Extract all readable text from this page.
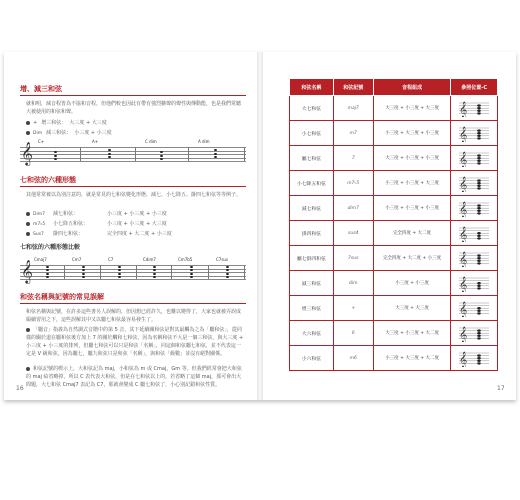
增、減三和弦
就和明，減音程皆為不協和音程，但他們較也因此有帶有強烈擴聲的聲性與傳動能，也是我們常聽大被使用的和弦和聲。
+ 增三和弦： 大三度 + 大三度
Dim 減三和弦： 小三度 + 小三度
𝄞 C+	A+	C dim	A dim
七和弦的六種形態
其他常常被以為別注意的，就是常見的七和弦變化形態，減七、小七降五、掛四七和弦等等例子。
Dim7 減七和弦：	小三度 + 小三度 + 小三度
m7♭5 小七降五和弦：	小三度 + 小三度 + 大三度
Sus7 掛四七和弦：	完全四度 + 大二度 + 小三度
七和弦的六種形態比較
𝄞 Cmaj7	Cm7	C7	Cdim7	Cm7b5	C7sus
和弦名稱與記號的常見誤解
和弦名稱與記號，在許多這些書另人誤解的，但因想已經許久，也難以變得了，大家也就被弄誤成綴續習用之下，這些誤解其中又以屬七和弦最容易發生了。
「屬音」指義為自然調式音階中的第 5 音，其下延續關和弦是對其最觸為之為「屬和弦」，從同樣的關於道在屬和弦後方加上 7 的關於觸和七和弦，因為名稱和弦不大是一個三和弦，與大三度 + 小三度 + 小三度的排列，但屬七和弦可以只是和弦「名稱」，同這個和弦屬七和弦，並不代表這一定是 V 級和弦，因為屬七，屬九和弦只是和弦「名稱」，與和弦「級數」並沒有絕對關係。
和弦記號的標示上，大和弦記為 maj，小和弦為 m 或 Cmaj，Gm 等。但我們經常會把大和弦的 maj 給省略掉，所以 C 表代表大和弦，但是在七和弦以上的，若省略了這個 maj，那可會出大問題，大七和弦 Cmaj7 表記為 C7，那就會變成 C 屬七和弦了，小心別記錯和弦性質。
16
和弦名稱	和弦記號	音程組成	參照位置-C
大七和弦	maj7	大三度 + 小三度 + 大三度	𝄞

小七和弦	m7	小三度 + 大三度 + 小三度	𝄞

屬七和弦	7	大三度 + 小三度 + 小三度	𝄞

小七降五和弦	m7♭5	小三度 + 小三度 + 大三度	𝄞

減七和弦	dim7	小三度 + 小三度 + 小三度	𝄞

掛四和弦	sus4	完全四度 + 大二度	𝄞

屬七掛四和弦	7sus	完全四度 + 大二度 + 小三度	𝄞

減三和弦	dim	小三度 + 小三度	𝄞

增三和弦	+	大三度 + 大三度	𝄞

大六和弦	6	大三度 + 小三度 + 大二度	𝄞

小六和弦	m6	小三度 + 大三度 + 大二度	𝄞
17
